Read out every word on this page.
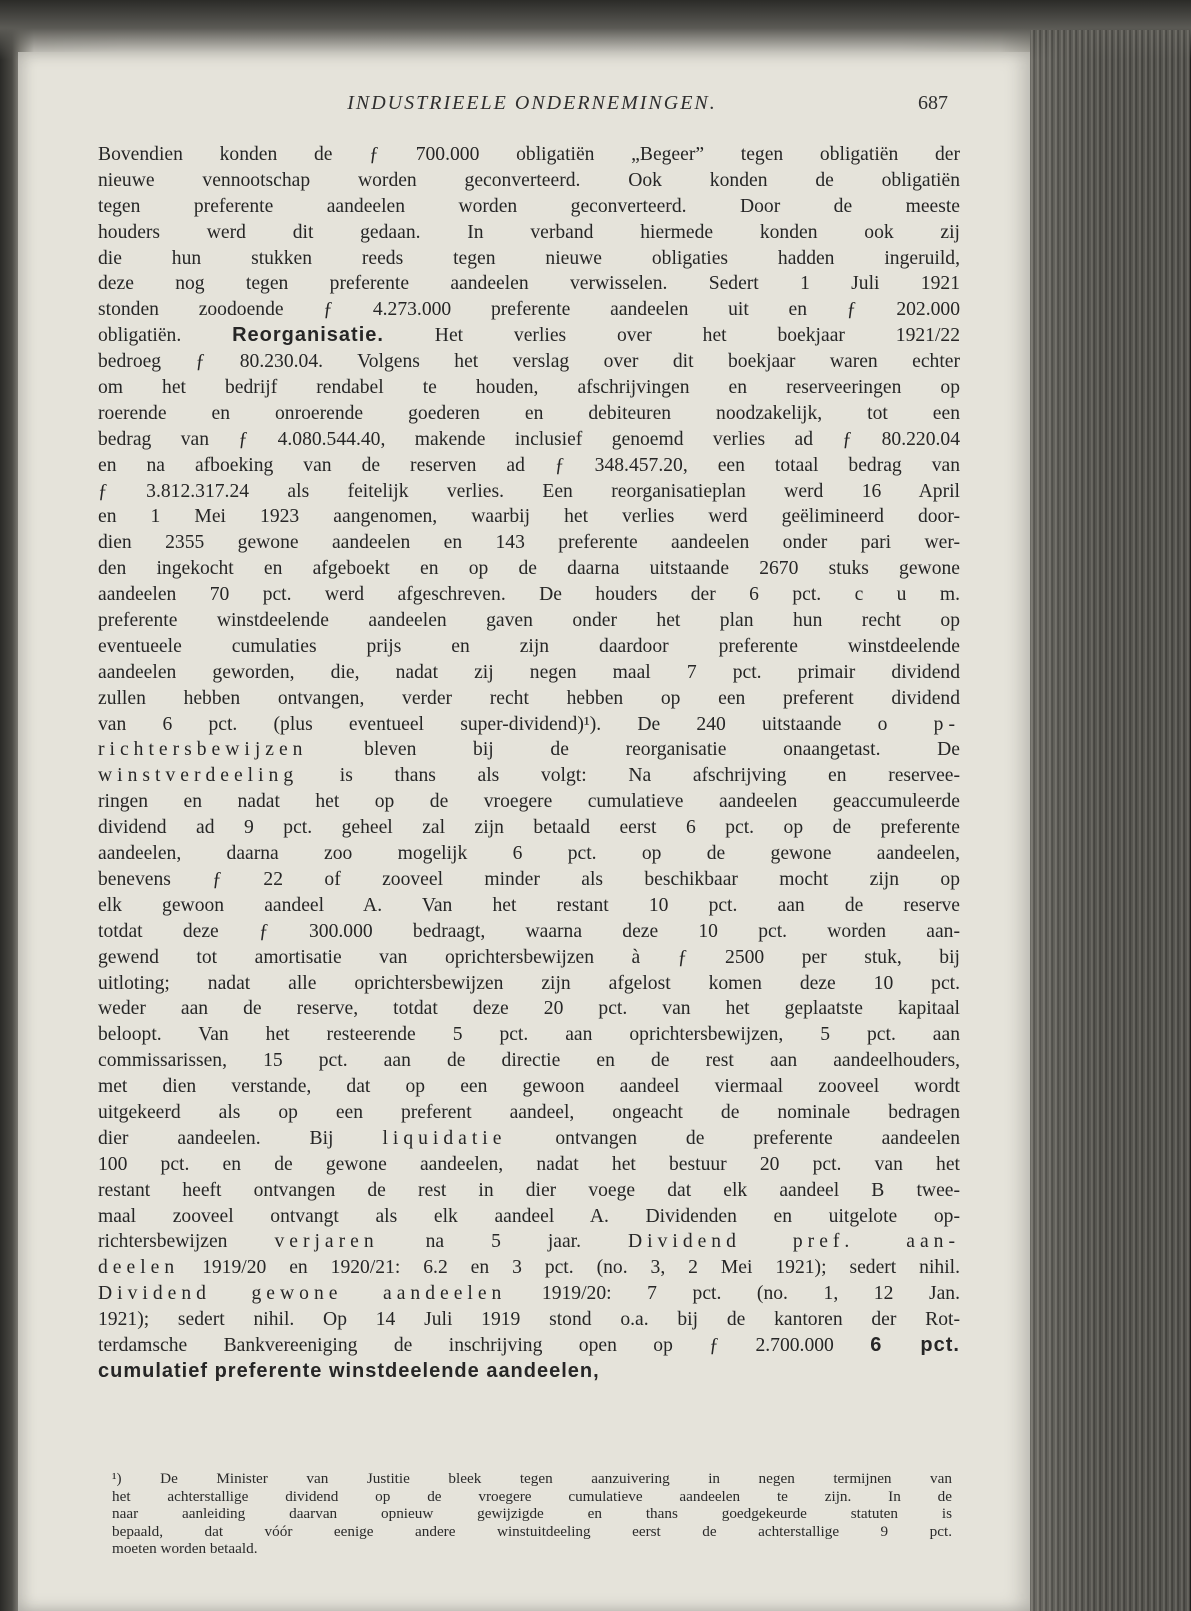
INDUSTRIEELE ONDERNEMINGEN.	687
Bovendien konden de ƒ 700.000 obligatiën „Begeer” tegen obligatiën der
nieuwe vennootschap worden geconverteerd. Ook konden de obligatiën
tegen preferente aandeelen worden geconverteerd. Door de meeste
houders werd dit gedaan. In verband hiermede konden ook zij
die hun stukken reeds tegen nieuwe obligaties hadden ingeruild,
deze nog tegen preferente aandeelen verwisselen. Sedert 1 Juli 1921
stonden zoodoende ƒ 4.273.000 preferente aandeelen uit en ƒ 202.000
obligatiën. Reorganisatie. Het verlies over het boekjaar 1921/22
bedroeg ƒ 80.230.04. Volgens het verslag over dit boekjaar waren echter
om het bedrijf rendabel te houden, afschrijvingen en reserveeringen op
roerende en onroerende goederen en debiteuren noodzakelijk, tot een
bedrag van ƒ 4.080.544.40, makende inclusief genoemd verlies ad ƒ 80.220.04
en na afboeking van de reserven ad ƒ 348.457.20, een totaal bedrag van
ƒ 3.812.317.24 als feitelijk verlies. Een reorganisatieplan werd 16 April
en 1 Mei 1923 aangenomen, waarbij het verlies werd geëlimineerd door-
dien 2355 gewone aandeelen en 143 preferente aandeelen onder pari wer-
den ingekocht en afgeboekt en op de daarna uitstaande 2670 stuks gewone
aandeelen 70 pct. werd afgeschreven. De houders der 6 pct. c u m.
preferente winstdeelende aandeelen gaven onder het plan hun recht op
eventueele cumulaties prijs en zijn daardoor preferente winstdeelende
aandeelen geworden, die, nadat zij negen maal 7 pct. primair dividend
zullen hebben ontvangen, verder recht hebben op een preferent dividend
van 6 pct. (plus eventueel super-dividend)¹). De 240 uitstaande o p-
richtersbewijzen bleven bij de reorganisatie onaangetast. De
winstverdeeling is thans als volgt: Na afschrijving en reservee-
ringen en nadat het op de vroegere cumulatieve aandeelen geaccumuleerde
dividend ad 9 pct. geheel zal zijn betaald eerst 6 pct. op de preferente
aandeelen, daarna zoo mogelijk 6 pct. op de gewone aandeelen,
benevens ƒ 22 of zooveel minder als beschikbaar mocht zijn op
elk gewoon aandeel A. Van het restant 10 pct. aan de reserve
totdat deze ƒ 300.000 bedraagt, waarna deze 10 pct. worden aan-
gewend tot amortisatie van oprichtersbewijzen à ƒ 2500 per stuk, bij
uitloting; nadat alle oprichtersbewijzen zijn afgelost komen deze 10 pct.
weder aan de reserve, totdat deze 20 pct. van het geplaatste kapitaal
beloopt. Van het resteerende 5 pct. aan oprichtersbewijzen, 5 pct. aan
commissarissen, 15 pct. aan de directie en de rest aan aandeelhouders,
met dien verstande, dat op een gewoon aandeel viermaal zooveel wordt
uitgekeerd als op een preferent aandeel, ongeacht de nominale bedragen
dier aandeelen. Bij liquidatie ontvangen de preferente aandeelen
100 pct. en de gewone aandeelen, nadat het bestuur 20 pct. van het
restant heeft ontvangen de rest in dier voege dat elk aandeel B twee-
maal zooveel ontvangt als elk aandeel A. Dividenden en uitgelote op-
richtersbewijzen verjaren na 5 jaar. Dividend pref. aan-
deelen 1919/20 en 1920/21: 6.2 en 3 pct. (no. 3, 2 Mei 1921); sedert nihil.
Dividend gewone aandeelen 1919/20: 7 pct. (no. 1, 12 Jan.
1921); sedert nihil. Op 14 Juli 1919 stond o.a. bij de kantoren der Rot-
terdamsche Bankvereeniging de inschrijving open op ƒ 2.700.000 6 pct.
cumulatief preferente winstdeelende aandeelen,
¹) De Minister van Justitie bleek tegen aanzuivering in negen termijnen van
het achterstallige dividend op de vroegere cumulatieve aandeelen te zijn. In de
naar aanleiding daarvan opnieuw gewijzigde en thans goedgekeurde statuten is
bepaald, dat vóór eenige andere winstuitdeeling eerst de achterstallige 9 pct.
moeten worden betaald.
